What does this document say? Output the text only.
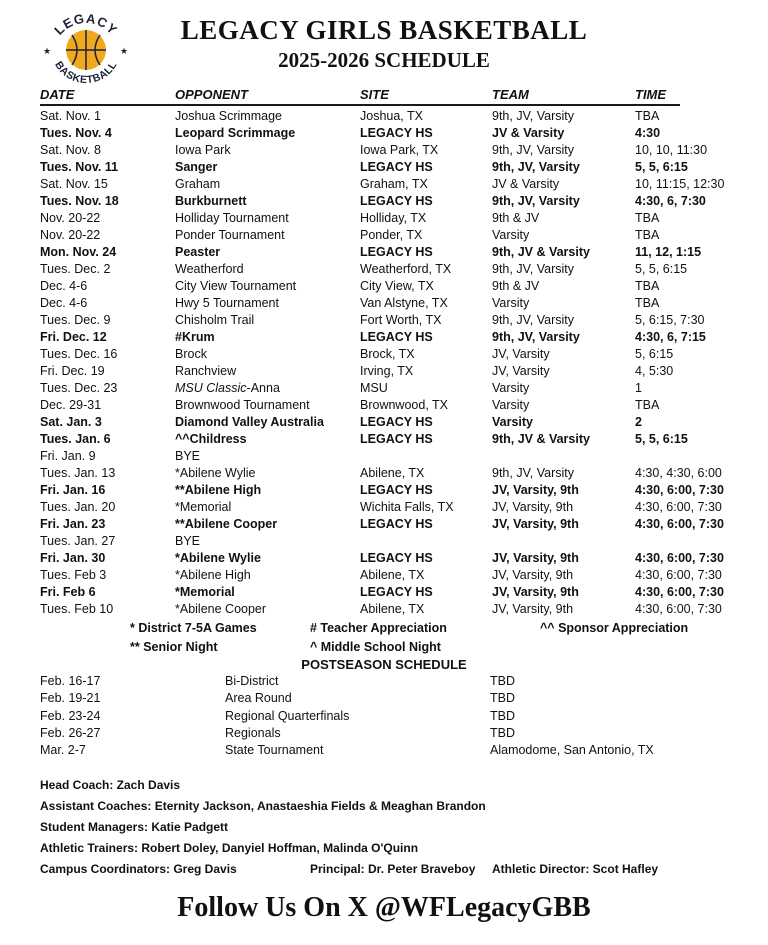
LEGACY
BASKETBALL
★	★
LEGACY GIRLS BASKETBALL
2025-2026 SCHEDULE
DATE	OPPONENT	SITE	TEAM	TIME
Sat. Nov. 1	Joshua Scrimmage	Joshua, TX	9th, JV, Varsity	TBA
Tues. Nov. 4	Leopard Scrimmage	LEGACY HS	JV & Varsity	4:30
Sat. Nov. 8	Iowa Park	Iowa Park, TX	9th, JV, Varsity	10, 10, 11:30
Tues. Nov. 11	Sanger	LEGACY HS	9th, JV, Varsity	5, 5, 6:15
Sat. Nov. 15	Graham	Graham, TX	JV & Varsity	10, 11:15, 12:30
Tues. Nov. 18	Burkburnett	LEGACY HS	9th, JV, Varsity	4:30, 6, 7:30
Nov. 20-22	Holliday Tournament	Holliday, TX	9th & JV	TBA
Nov. 20-22	Ponder Tournament	Ponder, TX	Varsity	TBA
Mon. Nov. 24	Peaster	LEGACY HS	9th, JV & Varsity	11, 12, 1:15
Tues. Dec. 2	Weatherford	Weatherford, TX	9th, JV, Varsity	5, 5, 6:15
Dec. 4-6	City View Tournament	City View, TX	9th & JV	TBA
Dec. 4-6	Hwy 5 Tournament	Van Alstyne, TX	Varsity	TBA
Tues. Dec. 9	Chisholm Trail	Fort Worth, TX	9th, JV, Varsity	5, 6:15, 7:30
Fri. Dec. 12	#Krum	LEGACY HS	9th, JV, Varsity	4:30, 6, 7:15
Tues. Dec. 16	Brock	Brock, TX	JV, Varsity	5, 6:15
Fri. Dec. 19	Ranchview	Irving, TX	JV, Varsity	4, 5:30
Tues. Dec. 23	MSU Classic-Anna	MSU	Varsity	1
Dec. 29-31	Brownwood Tournament	Brownwood, TX	Varsity	TBA
Sat. Jan. 3	Diamond Valley Australia	LEGACY HS	Varsity	2
Tues. Jan. 6	^^Childress	LEGACY HS	9th, JV & Varsity	5, 5, 6:15
Fri. Jan. 9	BYE
Tues. Jan. 13	*Abilene Wylie	Abilene, TX	9th, JV, Varsity	4:30, 4:30, 6:00
Fri. Jan. 16	**Abilene High	LEGACY HS	JV, Varsity, 9th	4:30, 6:00, 7:30
Tues. Jan. 20	*Memorial	Wichita Falls, TX	JV, Varsity, 9th	4:30, 6:00, 7:30
Fri. Jan. 23	**Abilene Cooper	LEGACY HS	JV, Varsity, 9th	4:30, 6:00, 7:30
Tues. Jan. 27	BYE
Fri. Jan. 30	*Abilene Wylie	LEGACY HS	JV, Varsity, 9th	4:30, 6:00, 7:30
Tues. Feb 3	*Abilene High	Abilene, TX	JV, Varsity, 9th	4:30, 6:00, 7:30
Fri. Feb 6	*Memorial	LEGACY HS	JV, Varsity, 9th	4:30, 6:00, 7:30
Tues. Feb 10	*Abilene Cooper	Abilene, TX	JV, Varsity, 9th	4:30, 6:00, 7:30
* District 7-5A Games	# Teacher Appreciation	^^ Sponsor Appreciation
** Senior Night	^ Middle School Night
POSTSEASON SCHEDULE
Feb. 16-17	Bi-District	TBD
Feb. 19-21	Area Round	TBD
Feb. 23-24	Regional Quarterfinals	TBD
Feb. 26-27	Regionals	TBD
Mar. 2-7	State Tournament	Alamodome, San Antonio, TX
Head Coach: Zach Davis
Assistant Coaches: Eternity Jackson, Anastaeshia Fields & Meaghan Brandon
Student Managers: Katie Padgett
Athletic Trainers: Robert Doley, Danyiel Hoffman, Malinda O'Quinn
Campus Coordinators: Greg Davis	Principal: Dr. Peter Braveboy	Athletic Director: Scot Hafley
Follow Us On X @WFLegacyGBB
